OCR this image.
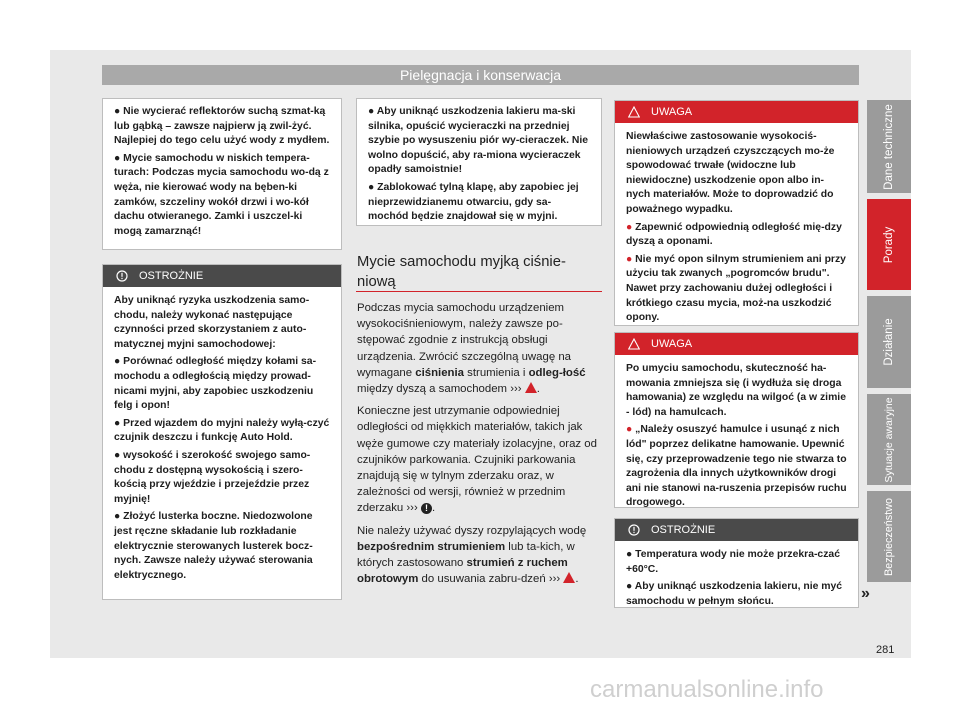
Pielęgnacja i konserwacja

● Nie wycierać reflektorów suchą szmat-ką lub gąbką – zawsze najpierw ją zwil-żyć. Najlepiej do tego celu użyć wody z mydłem.

● Mycie samochodu w niskich tempera-turach: Podczas mycia samochodu wo-dą z węża, nie kierować wody na bęben-ki zamków, szczeliny wokół drzwi i wo-kół dachu otwieranego. Zamki i uszczel-ki mogą zamarznąć!

OSTROŻNIE

Aby uniknąć ryzyka uszkodzenia samo-chodu, należy wykonać następujące czynności przed skorzystaniem z auto-matycznej myjni samochodowej:

● Porównać odległość między kołami sa-mochodu a odległością między prowad-nicami myjni, aby zapobiec uszkodzeniu felg i opon!

● Przed wjazdem do myjni należy wyłą-czyć czujnik deszczu i funkcję Auto Hold.

● wysokość i szerokość swojego samo-chodu z dostępną wysokością i szero-kością przy wjeździe i przejeździe przez myjnię!

● Złożyć lusterka boczne. Niedozwolone jest ręczne składanie lub rozkładanie elektrycznie sterowanych lusterek bocz-nych. Zawsze należy używać sterowania elektrycznego.

● Aby uniknąć uszkodzenia lakieru ma-ski silnika, opuścić wycieraczki na przedniej szybie po wysuszeniu piór wy-cieraczek. Nie wolno dopuścić, aby ra-miona wycieraczek opadły samoistnie!

● Zablokować tylną klapę, aby zapobiec jej nieprzewidzianemu otwarciu, gdy sa-mochód będzie znajdował się w myjni.

Mycie samochodu myjką ciśnie-niową

Podczas mycia samochodu urządzeniem wysokociśnieniowym, należy zawsze po-stępować zgodnie z instrukcją obsługi urządzenia. Zwrócić szczególną uwagę na wymagane ciśnienia strumienia i odleg-łość między dyszą a samochodem ››› .

Konieczne jest utrzymanie odpowiedniej odległości od miękkich materiałów, takich jak węże gumowe czy materiały izolacyjne, oraz od czujników parkowania. Czujniki parkowania znajdują się w tylnym zderzaku oraz, w zależności od wersji, również w przednim zderzaku ››› ! .

Nie należy używać dyszy rozpylających wodę bezpośrednim strumieniem lub ta-kich, w których zastosowano strumień z ruchem obrotowym do usuwania zabru-dzeń ››› .

UWAGA

Niewłaściwe zastosowanie wysokociś-nieniowych urządzeń czyszczących mo-że spowodować trwałe (widoczne lub niewidoczne) uszkodzenie opon albo in-nych materiałów. Może to doprowadzić do poważnego wypadku.

● Zapewnić odpowiednią odległość mię-dzy dyszą a oponami.

● Nie myć opon silnym strumieniem ani przy użyciu tak zwanych „pogromców brudu". Nawet przy zachowaniu dużej odległości i krótkiego czasu mycia, moż-na uszkodzić opony.

UWAGA

Po umyciu samochodu, skuteczność ha-mowania zmniejsza się (i wydłuża się droga hamowania) ze względu na wilgoć (a w zimie - lód) na hamulcach.

● „Należy osuszyć hamulce i usunąć z nich lód" poprzez delikatne hamowanie. Upewnić się, czy przeprowadzenie tego nie stwarza to zagrożenia dla innych użytkowników drogi ani nie stanowi na-ruszenia przepisów ruchu drogowego.

OSTROŻNIE

● Temperatura wody nie może przekra-czać +60°C.

● Aby uniknąć uszkodzenia lakieru, nie myć samochodu w pełnym słońcu.	»
Dane techniczne
Porady
Działanie
Sytuacje awaryjne
Bezpieczeństwo
281
carmanualsonline.info
